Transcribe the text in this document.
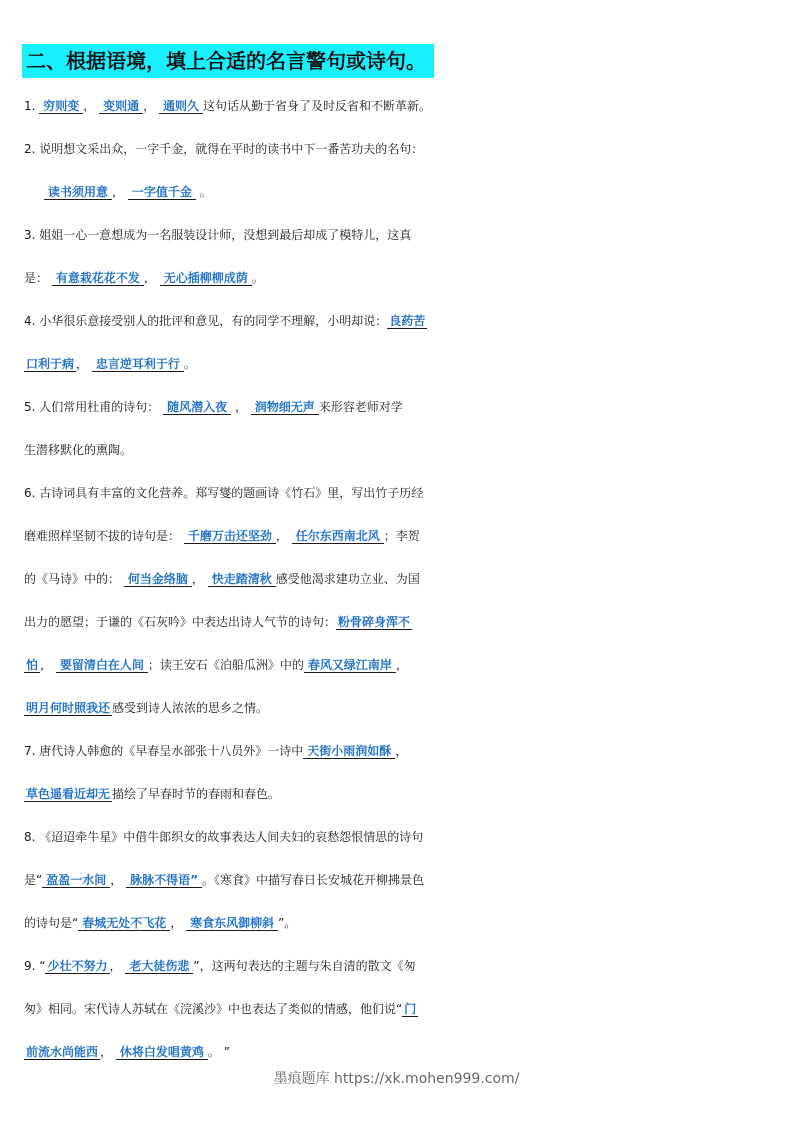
二、根据语境，填上合适的名言警句或诗句。
1. 穷则变 ， 变则通 ， 通则久 这句话从勤于省身了及时反省和不断革新。
2. 说明想文采出众，一字千金，就得在平时的读书中下一番苦功夫的名句：
读书须用意 ， 一字值千金 。
3. 姐姐一心一意想成为一名服装设计师，没想到最后却成了模特儿，这真
是： 有意栽花花不发 ， 无心插柳柳成荫 。
4. 小华很乐意接受别人的批评和意见，有的同学不理解，小明却说： 良药苦
口利于病 ， 忠言逆耳利于行 。
5. 人们常用杜甫的诗句： 随风潜入夜 ， 润物细无声 来形容老师对学
生潜移默化的熏陶。
6. 古诗词具有丰富的文化营养。郑写燮的题画诗《竹石》里，写出竹子历经
磨难照样坚韧不拔的诗句是： 千磨万击还坚劲 ， 任尔东西南北风 ；李贺
的《马诗》中的： 何当金络脑 ， 快走踏清秋 感受他渴求建功立业、为国
出力的愿望；于谦的《石灰吟》中表达出诗人气节的诗句： 粉骨碎身浑不
怕 ， 要留清白在人间 ；读王安石《泊船瓜洲》中的 春风又绿江南岸 ，
明月何时照我还 感受到诗人浓浓的思乡之情。
7. 唐代诗人韩愈的《早春呈水部张十八员外》一诗中 天街小雨润如酥 ，
草色遥看近却无 描绘了早春时节的春雨和春色。
8. 《迢迢牵牛星》中借牛郎织女的故事表达人间夫妇的哀愁怨恨情思的诗句
是“ 盈盈一水间 ， 脉脉不得语” 。《寒食》中描写春日长安城花开柳拂景色
的诗句是“ 春城无处不飞花 ， 寒食东风御柳斜 ”。
9. “ 少壮不努力 ， 老大徒伤悲 ”，这两句表达的主题与朱自清的散文《匆
匆》相同。宋代诗人苏轼在《浣溪沙》中也表达了类似的情感，他们说“ 门
前流水尚能西 ， 休将白发唱黄鸡 。 ”
墨痕题库 https://xk.mohen999.com/
